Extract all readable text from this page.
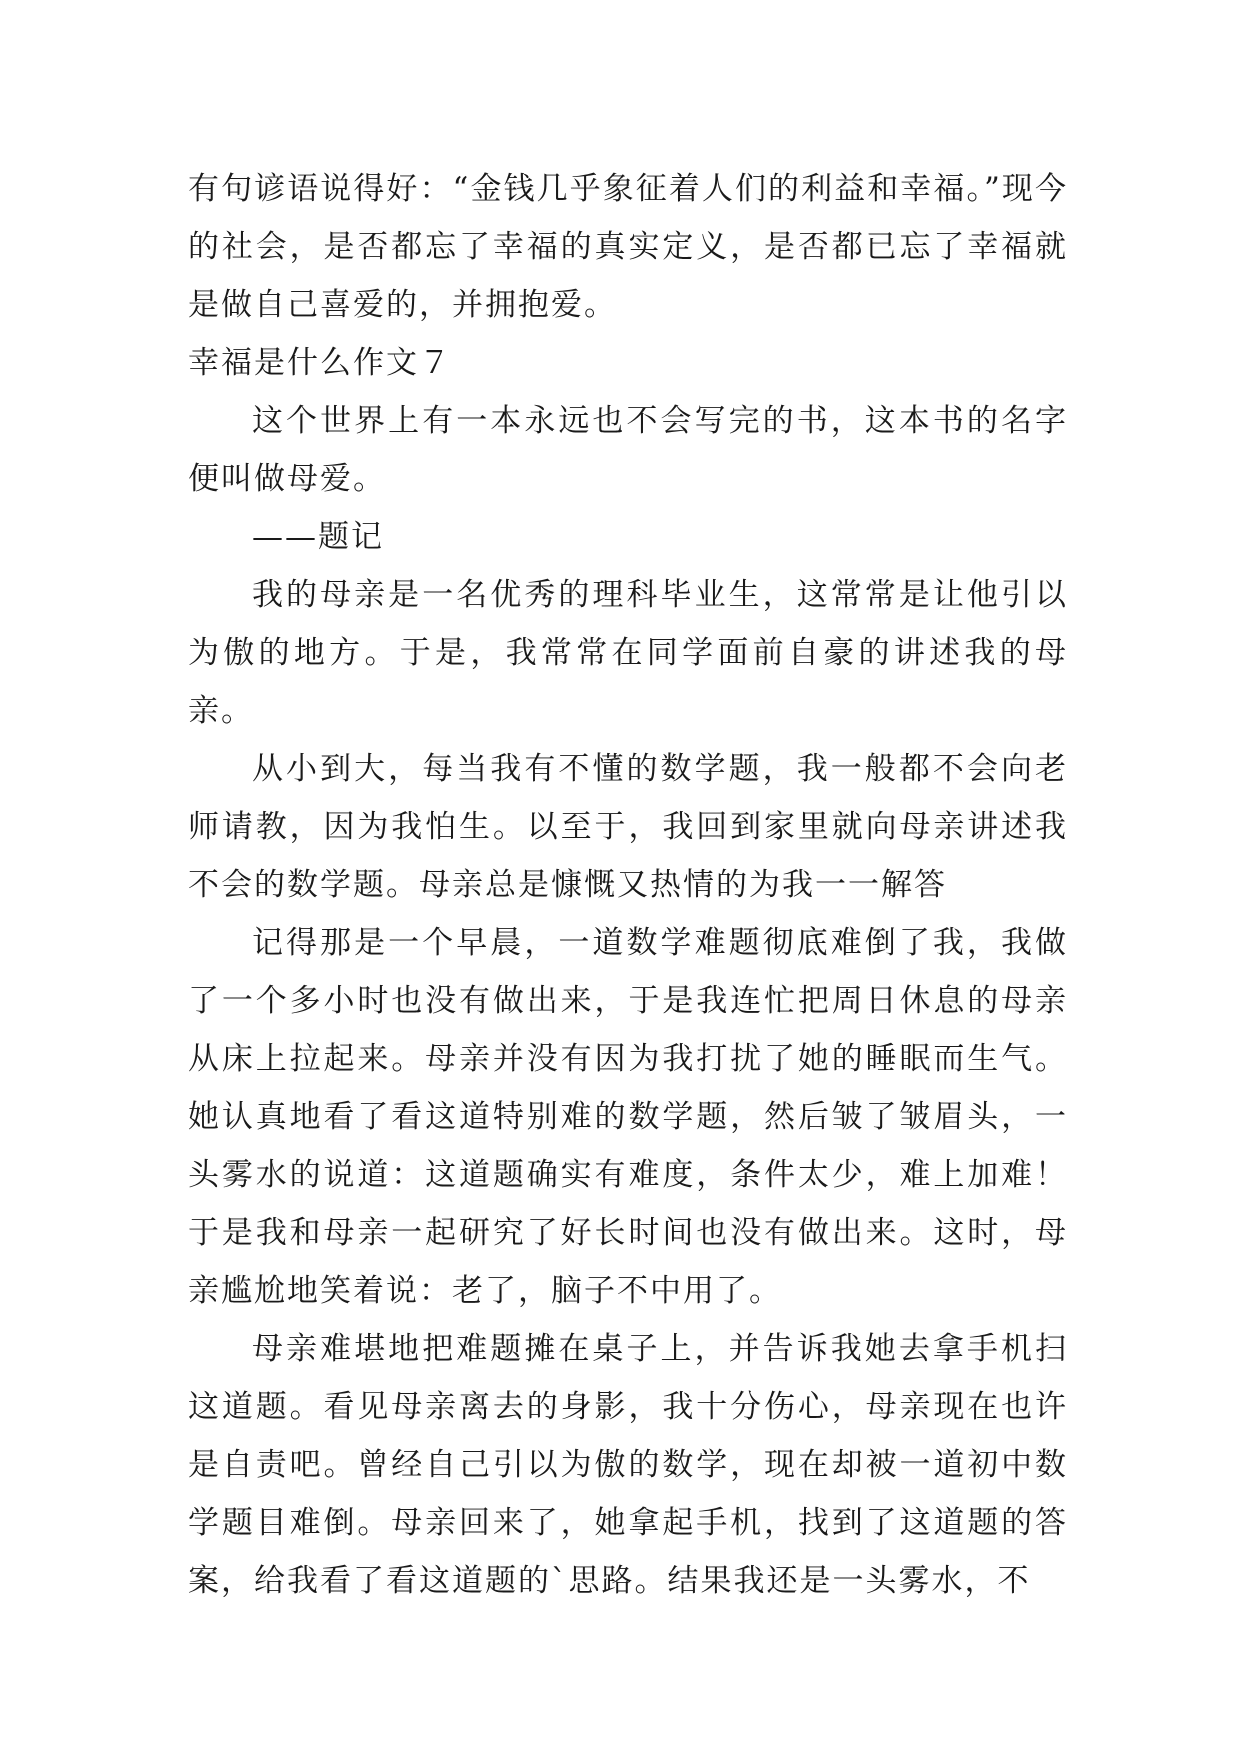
有句谚语说得好：“金钱几乎象征着人们的利益和幸福。”现今的社会，是否都忘了幸福的真实定义，是否都已忘了幸福就是做自己喜爱的，并拥抱爱。

幸福是什么作文７

这个世界上有一本永远也不会写完的书，这本书的名字便叫做母爱。

——题记

我的母亲是一名优秀的理科毕业生，这常常是让他引以为傲的地方。于是，我常常在同学面前自豪的讲述我的母亲。

从小到大，每当我有不懂的数学题，我一般都不会向老师请教，因为我怕生。以至于，我回到家里就向母亲讲述我不会的数学题。母亲总是慷慨又热情的为我一一解答

记得那是一个早晨，一道数学难题彻底难倒了我，我做了一个多小时也没有做出来，于是我连忙把周日休息的母亲从床上拉起来。母亲并没有因为我打扰了她的睡眠而生气。她认真地看了看这道特别难的数学题，然后皱了皱眉头，一头雾水的说道：这道题确实有难度，条件太少，难上加难！于是我和母亲一起研究了好长时间也没有做出来。这时，母亲尴尬地笑着说：老了，脑子不中用了。

母亲难堪地把难题摊在桌子上，并告诉我她去拿手机扫这道题。看见母亲离去的身影，我十分伤心，母亲现在也许是自责吧。曾经自己引以为傲的数学，现在却被一道初中数学题目难倒。母亲回来了，她拿起手机，找到了这道题的答案，给我看了看这道题的`思路。结果我还是一头雾水，不
